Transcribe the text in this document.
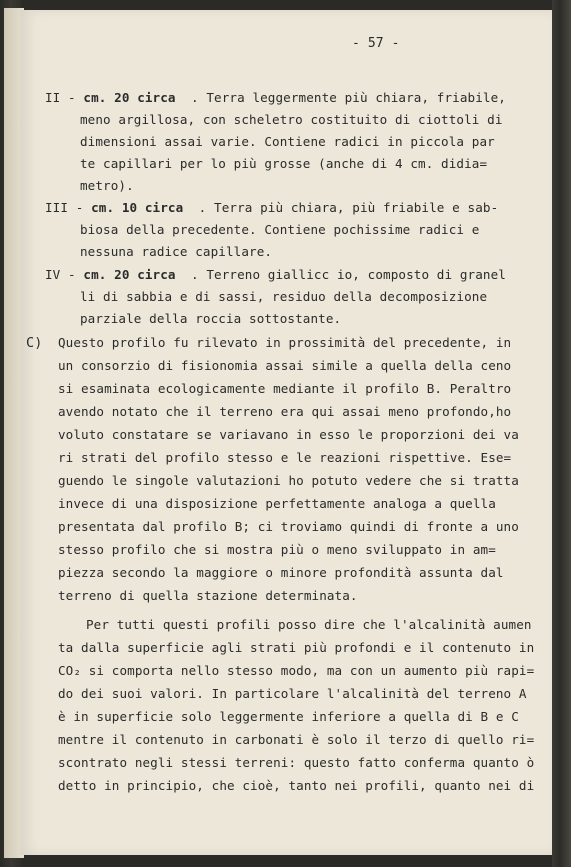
- 57 -
II - cm. 20 circa . Terra leggermente più chiara, friabile,
meno argillosa, con scheletro costituito di ciottoli di
dimensioni assai varie. Contiene radici in piccola par
te capillari per lo più grosse (anche di 4 cm. didia=
metro).
III - cm. 10 circa . Terra più chiara, più friabile e sab-
biosa della precedente. Contiene pochissime radici e
nessuna radice capillare.
IV - cm. 20 circa . Terreno giallicc io, composto di granel
li di sabbia e di sassi, residuo della decomposizione
parziale della roccia sottostante.
C) Questo profilo fu rilevato in prossimità del precedente, in
un consorzio di fisionomia assai simile a quella della ceno
si esaminata ecologicamente mediante il profilo B. Peraltro
avendo notato che il terreno era qui assai meno profondo,ho
voluto constatare se variavano in esso le proporzioni dei va
ri strati del profilo stesso e le reazioni rispettive. Ese=
guendo le singole valutazioni ho potuto vedere che si tratta
invece di una disposizione perfettamente analoga a quella
presentata dal profilo B; ci troviamo quindi di fronte a uno
stesso profilo che si mostra più o meno sviluppato in am=
piezza secondo la maggiore o minore profondità assunta dal
terreno di quella stazione determinata.
Per tutti questi profili posso dire che l'alcalinità aumen
ta dalla superficie agli strati più profondi e il contenuto in
CO₂ si comporta nello stesso modo, ma con un aumento più rapi=
do dei suoi valori. In particolare l'alcalinità del terreno A
è in superficie solo leggermente inferiore a quella di B e C
mentre il contenuto in carbonati è solo il terzo di quello ri=
scontrato negli stessi terreni: questo fatto conferma quanto ò
detto in principio, che cioè, tanto nei profili, quanto nei di
